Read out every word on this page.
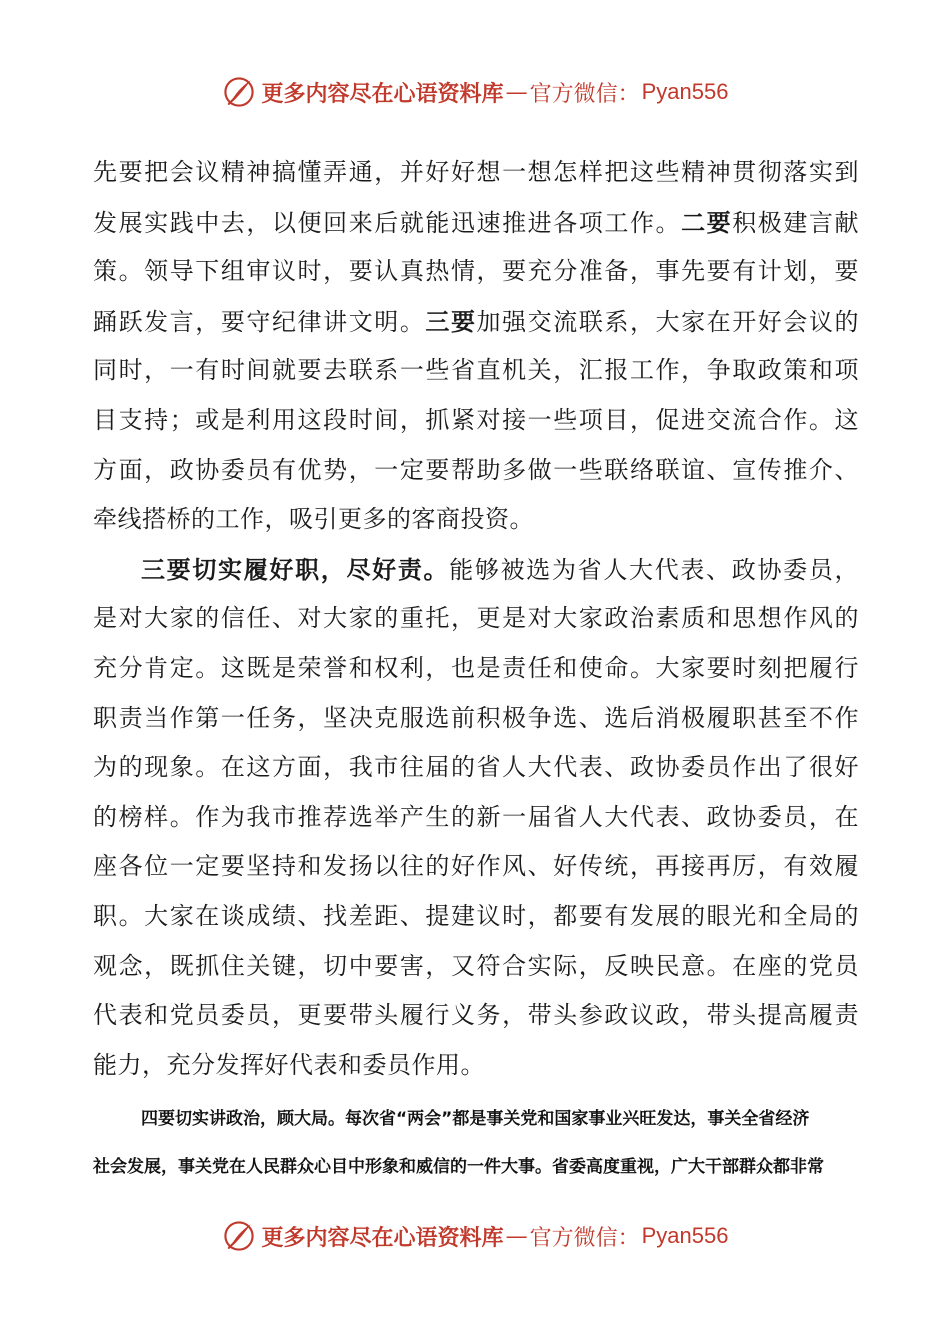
更多内容尽在心语资料库 — 官方微信： Pyan556
先要把会议精神搞懂弄通，并好好想一想怎样把这些精神贯彻落实到
发展实践中去，以便回来后就能迅速推进各项工作。二要积极建言献
策。领导下组审议时，要认真热情，要充分准备，事先要有计划，要
踊跃发言，要守纪律讲文明。三要加强交流联系，大家在开好会议的
同时，一有时间就要去联系一些省直机关，汇报工作，争取政策和项
目支持；或是利用这段时间，抓紧对接一些项目，促进交流合作。这
方面，政协委员有优势，一定要帮助多做一些联络联谊、宣传推介、
牵线搭桥的工作，吸引更多的客商投资。
三要切实履好职，尽好责。能够被选为省人大代表、政协委员，
是对大家的信任、对大家的重托，更是对大家政治素质和思想作风的
充分肯定。这既是荣誉和权利，也是责任和使命。大家要时刻把履行
职责当作第一任务，坚决克服选前积极争选、选后消极履职甚至不作
为的现象。在这方面，我市往届的省人大代表、政协委员作出了很好
的榜样。作为我市推荐选举产生的新一届省人大代表、政协委员，在
座各位一定要坚持和发扬以往的好作风、好传统，再接再厉，有效履
职。大家在谈成绩、找差距、提建议时，都要有发展的眼光和全局的
观念，既抓住关键，切中要害，又符合实际，反映民意。在座的党员
代表和党员委员，更要带头履行义务，带头参政议政，带头提高履责
能力，充分发挥好代表和委员作用。
四要切实讲政治，顾大局。每次省“两会”都是事关党和国家事业兴旺发达，事关全省经济
社会发展，事关党在人民群众心目中形象和威信的一件大事。省委高度重视，广大干部群众都非常
更多内容尽在心语资料库 — 官方微信： Pyan556
